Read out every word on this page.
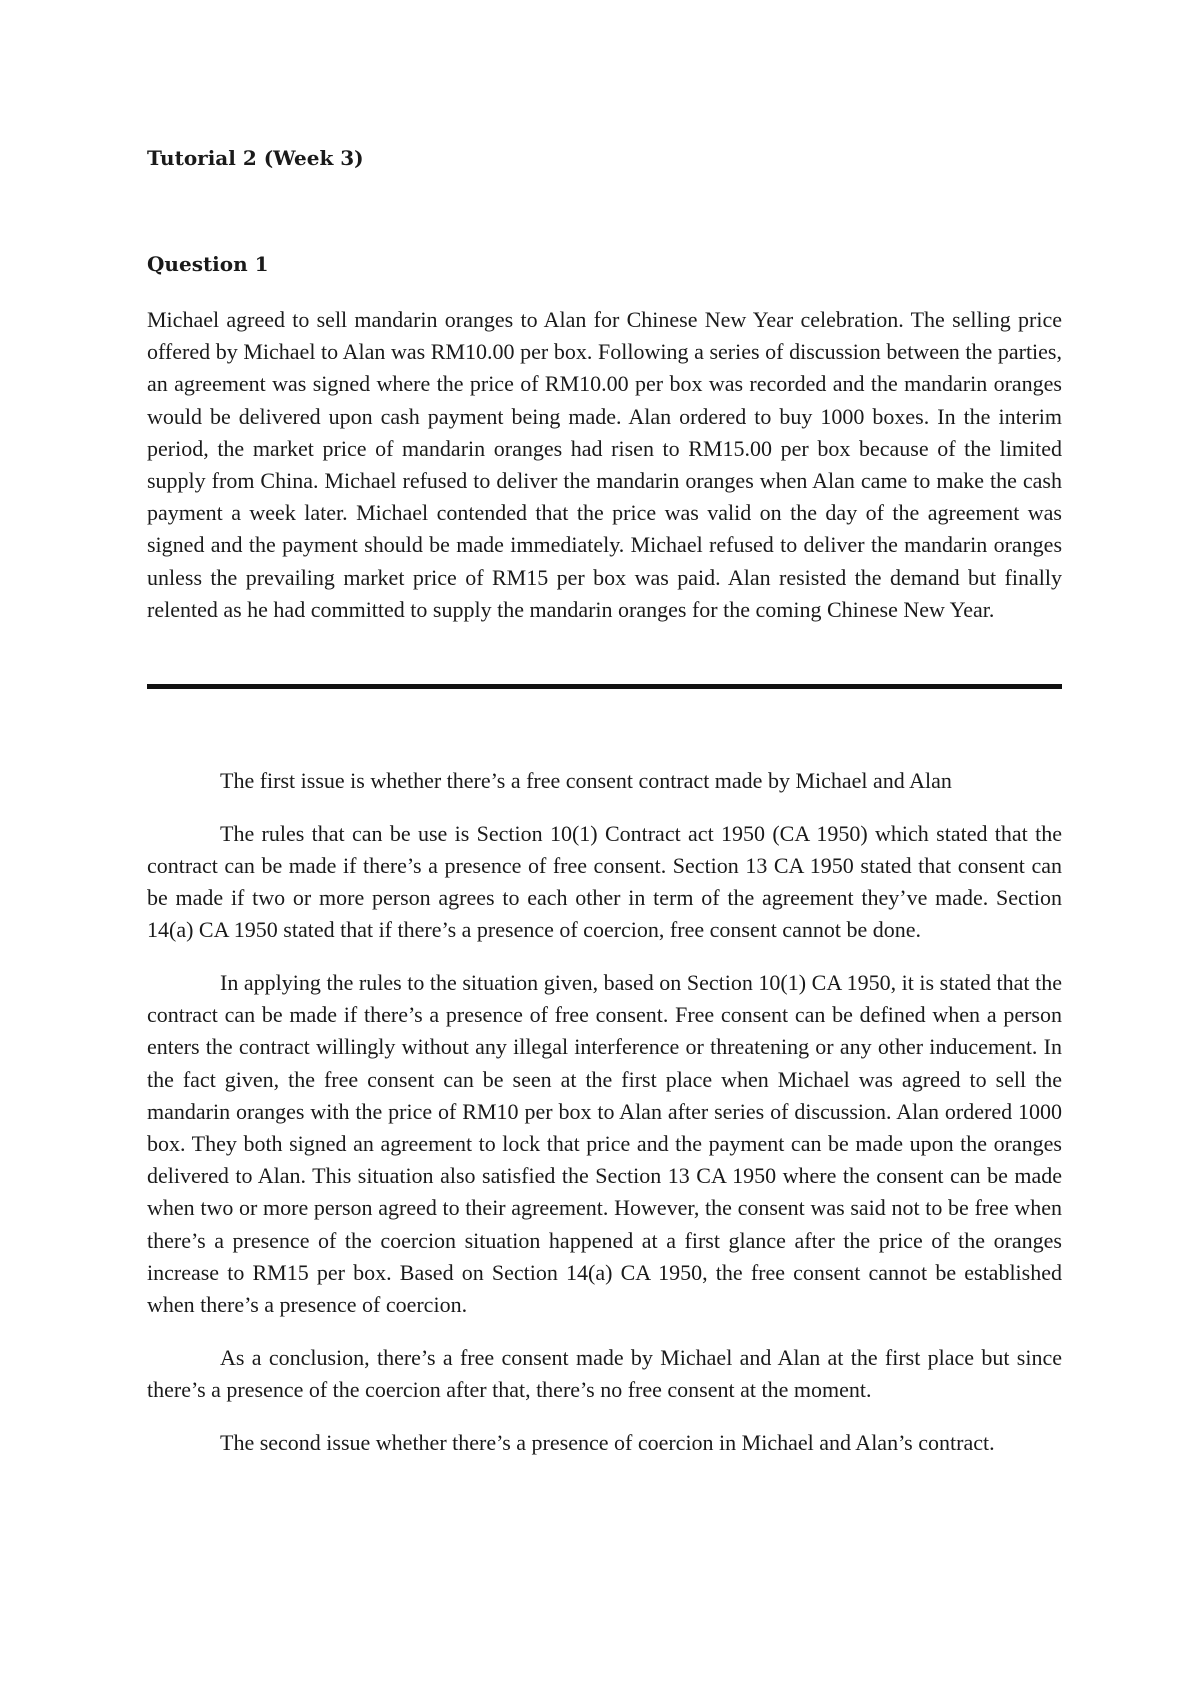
Tutorial 2 (Week 3)
Question 1

Michael agreed to sell mandarin oranges to Alan for Chinese New Year celebration. The selling price offered by Michael to Alan was RM10.00 per box. Following a series of discussion between the parties, an agreement was signed where the price of RM10.00 per box was recorded and the mandarin oranges would be delivered upon cash payment being made. Alan ordered to buy 1000 boxes. In the interim period, the market price of mandarin oranges had risen to RM15.00 per box because of the limited supply from China. Michael refused to deliver the mandarin oranges when Alan came to make the cash payment a week later. Michael contended that the price was valid on the day of the agreement was signed and the payment should be made immediately. Michael refused to deliver the mandarin oranges unless the prevailing market price of RM15 per box was paid. Alan resisted the demand but finally relented as he had committed to supply the mandarin oranges for the coming Chinese New Year.

The first issue is whether there’s a free consent contract made by Michael and Alan

The rules that can be use is Section 10(1) Contract act 1950 (CA 1950) which stated that the contract can be made if there’s a presence of free consent. Section 13 CA 1950 stated that consent can be made if two or more person agrees to each other in term of the agreement they’ve made. Section 14(a) CA 1950 stated that if there’s a presence of coercion, free consent cannot be done.

In applying the rules to the situation given, based on Section 10(1) CA 1950, it is stated that the contract can be made if there’s a presence of free consent. Free consent can be defined when a person enters the contract willingly without any illegal interference or threatening or any other inducement. In the fact given, the free consent can be seen at the first place when Michael was agreed to sell the mandarin oranges with the price of RM10 per box to Alan after series of discussion. Alan ordered 1000 box. They both signed an agreement to lock that price and the payment can be made upon the oranges delivered to Alan. This situation also satisfied the Section 13 CA 1950 where the consent can be made when two or more person agreed to their agreement. However, the consent was said not to be free when there’s a presence of the coercion situation happened at a first glance after the price of the oranges increase to RM15 per box. Based on Section 14(a) CA 1950, the free consent cannot be established when there’s a presence of coercion.

As a conclusion, there’s a free consent made by Michael and Alan at the first place but since there’s a presence of the coercion after that, there’s no free consent at the moment.

The second issue whether there’s a presence of coercion in Michael and Alan’s contract.
